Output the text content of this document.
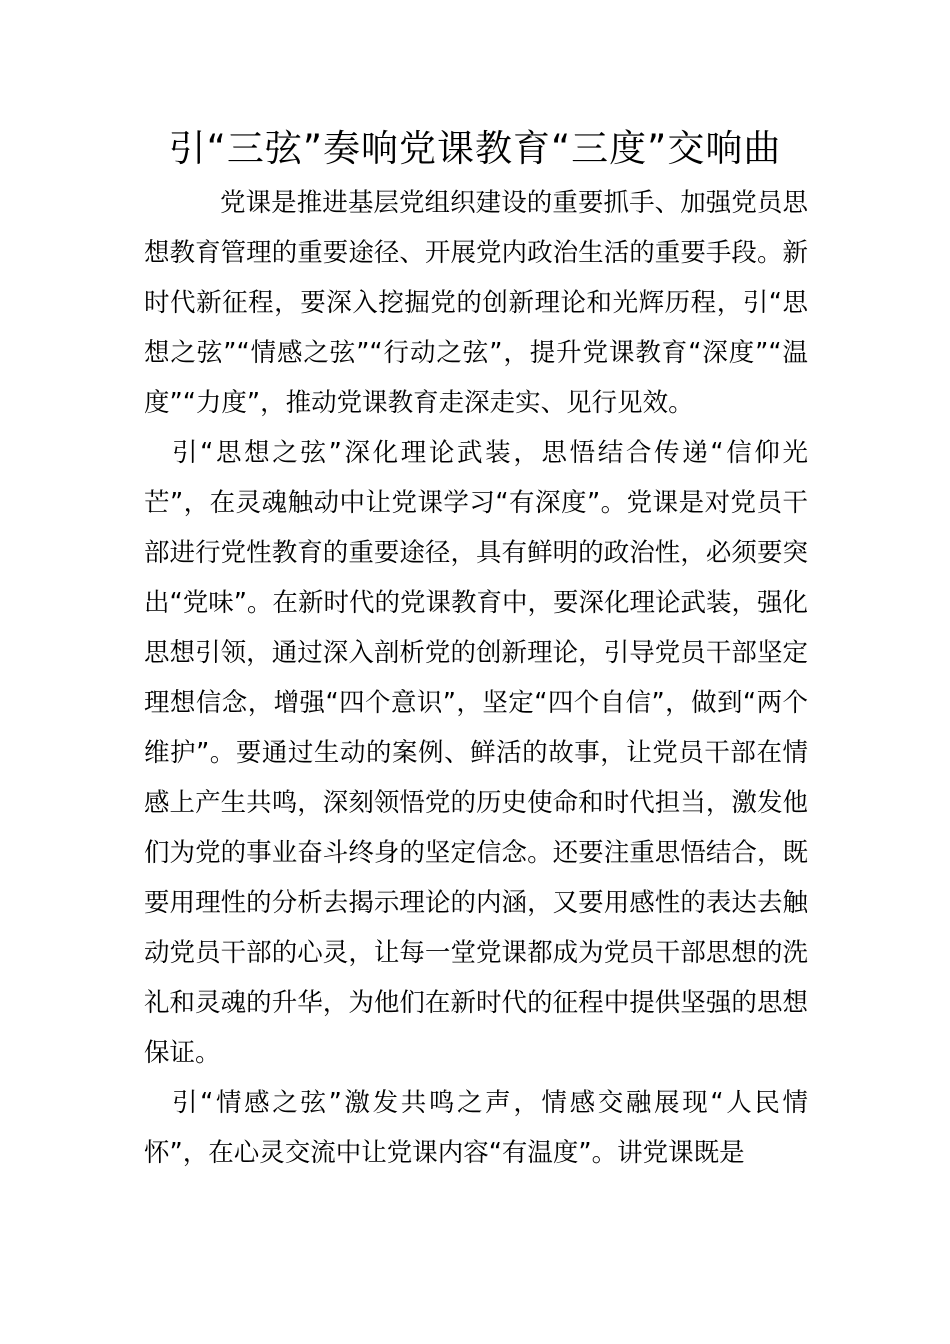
引“三弦”奏响党课教育“三度”交响曲

党课是推进基层党组织建设的重要抓手、加强党员思想教育管理的重要途径、开展党内政治生活的重要手段。新时代新征程，要深入挖掘党的创新理论和光辉历程，引“思想之弦”“情感之弦”“行动之弦”，提升党课教育“深度”“温度”“力度”，推动党课教育走深走实、见行见效。

引“思想之弦”深化理论武装，思悟结合传递“信仰光芒”，在灵魂触动中让党课学习“有深度”。党课是对党员干部进行党性教育的重要途径，具有鲜明的政治性，必须要突出“党味”。在新时代的党课教育中，要深化理论武装，强化思想引领，通过深入剖析党的创新理论，引导党员干部坚定理想信念，增强“四个意识”，坚定“四个自信”，做到“两个维护”。要通过生动的案例、鲜活的故事，让党员干部在情感上产生共鸣，深刻领悟党的历史使命和时代担当，激发他们为党的事业奋斗终身的坚定信念。还要注重思悟结合，既要用理性的分析去揭示理论的内涵，又要用感性的表达去触动党员干部的心灵，让每一堂党课都成为党员干部思想的洗礼和灵魂的升华，为他们在新时代的征程中提供坚强的思想保证。

引“情感之弦”激发共鸣之声，情感交融展现“人民情怀”，在心灵交流中让党课内容“有温度”。讲党课既是
